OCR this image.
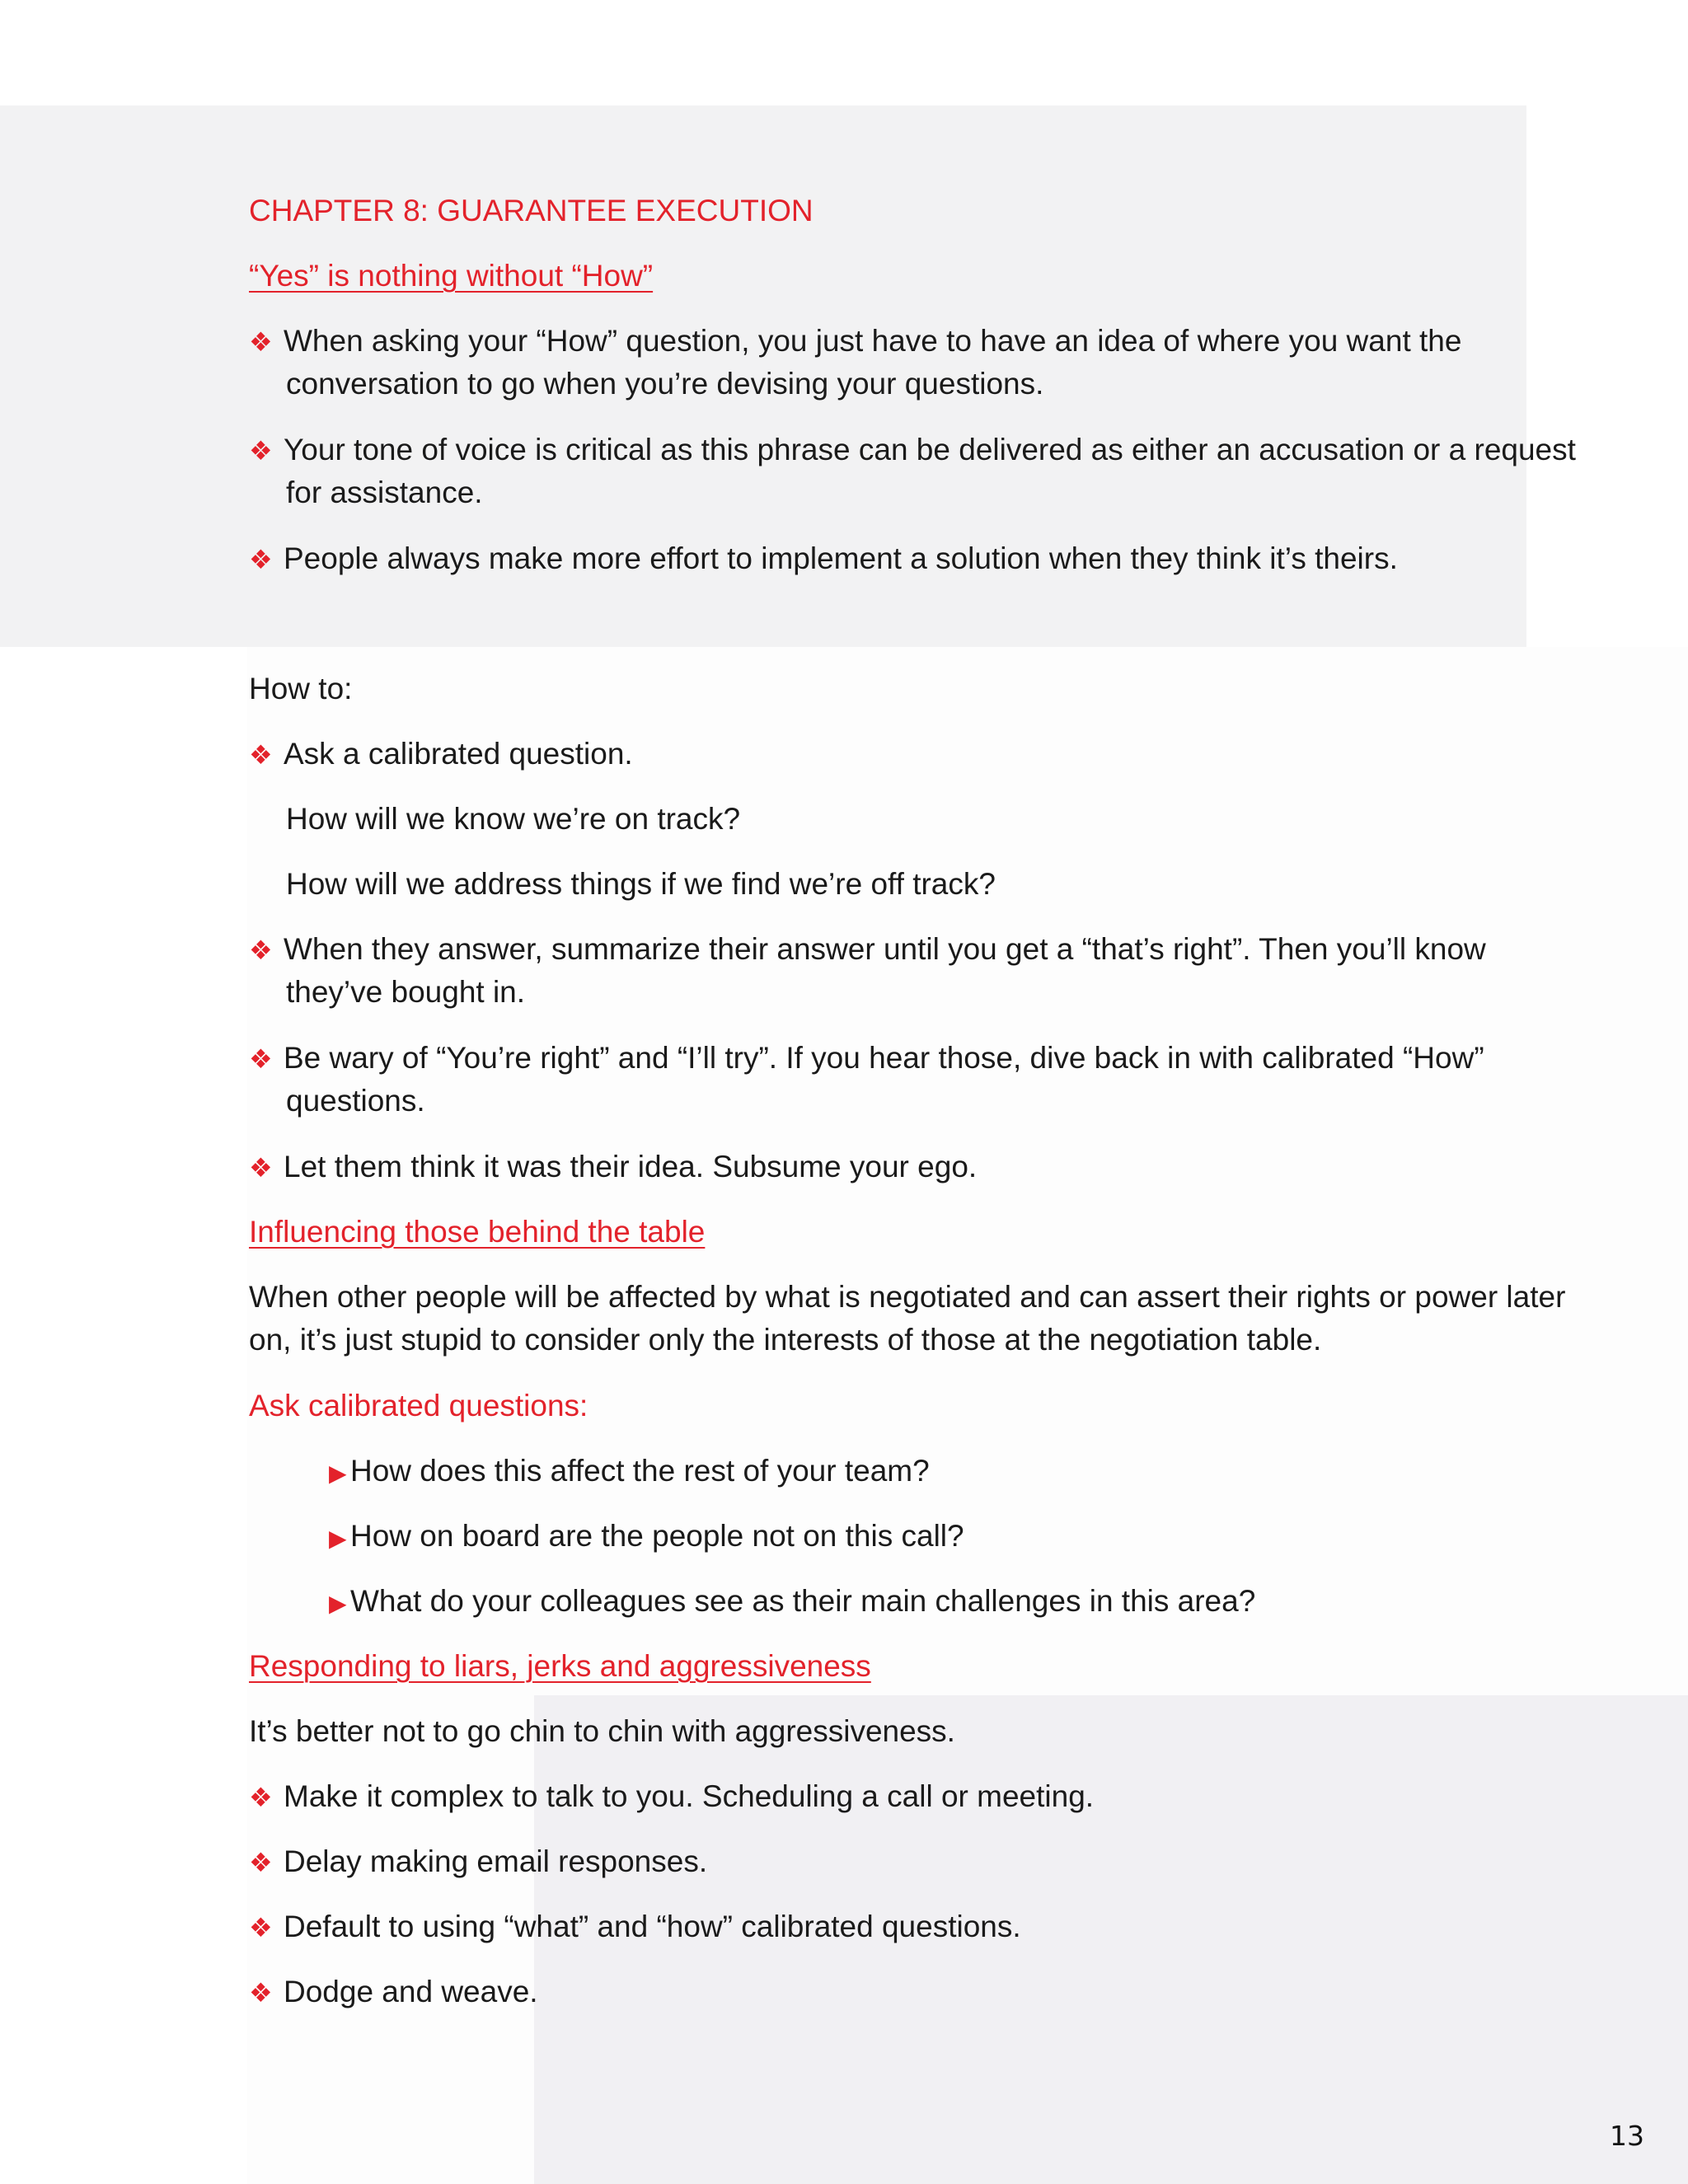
CHAPTER 8: GUARANTEE EXECUTION
“Yes” is nothing without “How”
❖ When asking your “How” question, you just have to have an idea of where you want the
conversation to go when you’re devising your questions.
❖ Your tone of voice is critical as this phrase can be delivered as either an accusation or a request
for assistance.
❖ People always make more effort to implement a solution when they think it’s theirs.
How to:
❖ Ask a calibrated question.
How will we know we’re on track?
How will we address things if we find we’re off track?
❖ When they answer, summarize their answer until you get a “that’s right”. Then you’ll know
they’ve bought in.
❖ Be wary of “You’re right” and “I’ll try”. If you hear those, dive back in with calibrated “How”
questions.
❖ Let them think it was their idea. Subsume your ego.
Influencing those behind the table
When other people will be affected by what is negotiated and can assert their rights or power later
on, it’s just stupid to consider only the interests of those at the negotiation table.
Ask calibrated questions:
▶ How does this affect the rest of your team?
▶ How on board are the people not on this call?
▶ What do your colleagues see as their main challenges in this area?
Responding to liars, jerks and aggressiveness
It’s better not to go chin to chin with aggressiveness.
❖ Make it complex to talk to you. Scheduling a call or meeting.
❖ Delay making email responses.
❖ Default to using “what” and “how” calibrated questions.
❖ Dodge and weave.
13
